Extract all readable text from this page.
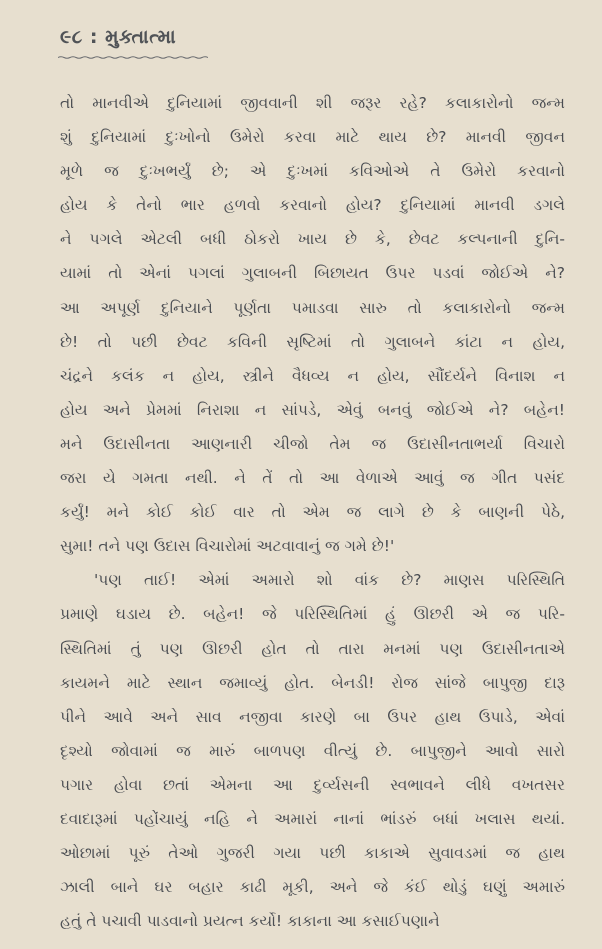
૯૮ : મુક્તાત્મા
તો માનવીએ દુનિયામાં જીવવાની શી જરૂર રહે? કલાકારોનો જન્મ
શું દુનિયામાં દુઃખોનો ઉમેરો કરવા માટે થાય છે? માનવી જીવન
મૂળે જ દુઃખભર્યું છે; એ દુઃખમાં કવિઓએ તે ઉમેરો કરવાનો
હોય કે તેનો ભાર હળવો કરવાનો હોય? દુનિયામાં માનવી ડગલે
ને પગલે એટલી બધી ઠોકરો ખાય છે કે, છેવટ કલ્પનાની દુનિ-
યામાં તો એનાં પગલાં ગુલાબની બિછાયત ઉપર પડવાં જોઈએ ને?
આ અપૂર્ણ દુનિયાને પૂર્ણતા પમાડવા સારુ તો કલાકારોનો જન્મ
છે! તો પછી છેવટ કવિની સૃષ્ટિમાં તો ગુલાબને કાંટા ન હોય,
ચંદ્રને કલંક ન હોય, સ્ત્રીને વૈધવ્ય ન હોય, સૌંદર્યને વિનાશ ન
હોય અને પ્રેમમાં નિરાશા ન સાંપડે, એવું બનવું જોઈએ ને? બહેન!
મને ઉદાસીનતા આણનારી ચીજો તેમ જ ઉદાસીનતાભર્યા વિચારો
જરા યે ગમતા નથી. ને તેં તો આ વેળાએ આવું જ ગીત પસંદ
કર્યું! મને કોઈ કોઈ વાર તો એમ જ લાગે છે કે બાણની પેઠે,
સુમા! તને પણ ઉદાસ વિચારોમાં અટવાવાનું જ ગમે છે!'
'પણ તાઈ! એમાં અમારો શો વાંક છે? માણસ પરિસ્થિતિ
પ્રમાણે ઘડાય છે. બહેન! જે પરિસ્થિતિમાં હું ઊછરી એ જ પરિ-
સ્થિતિમાં તું પણ ઊછરી હોત તો તારા મનમાં પણ ઉદાસીનતાએ
કાયમને માટે સ્થાન જમાવ્યું હોત. બેનડી! રોજ સાંજે બાપુજી દારૂ
પીને આવે અને સાવ નજીવા કારણે બા ઉપર હાથ ઉપાડે, એવાં
દૃશ્યો જોવામાં જ મારું બાળપણ વીત્યું છે. બાપુજીને આવો સારો
પગાર હોવા છતાં એમના આ દુર્વ્યસની સ્વભાવને લીધે વખતસર
દવાદારૂમાં પહોંચાયું નહિ ને અમારાં નાનાં ભાંડરું બધાં ખલાસ થયાં.
ઓછામાં પૂરું તેઓ ગુજરી ગયા પછી કાકાએ સુવાવડમાં જ હાથ
ઝાલી બાને ઘર બહાર કાઢી મૂકી, અને જે કંઈ થોડું ઘણું અમારું
હતું તે પચાવી પાડવાનો પ્રયત્ન કર્યો! કાકાના આ કસાઈપણાને
